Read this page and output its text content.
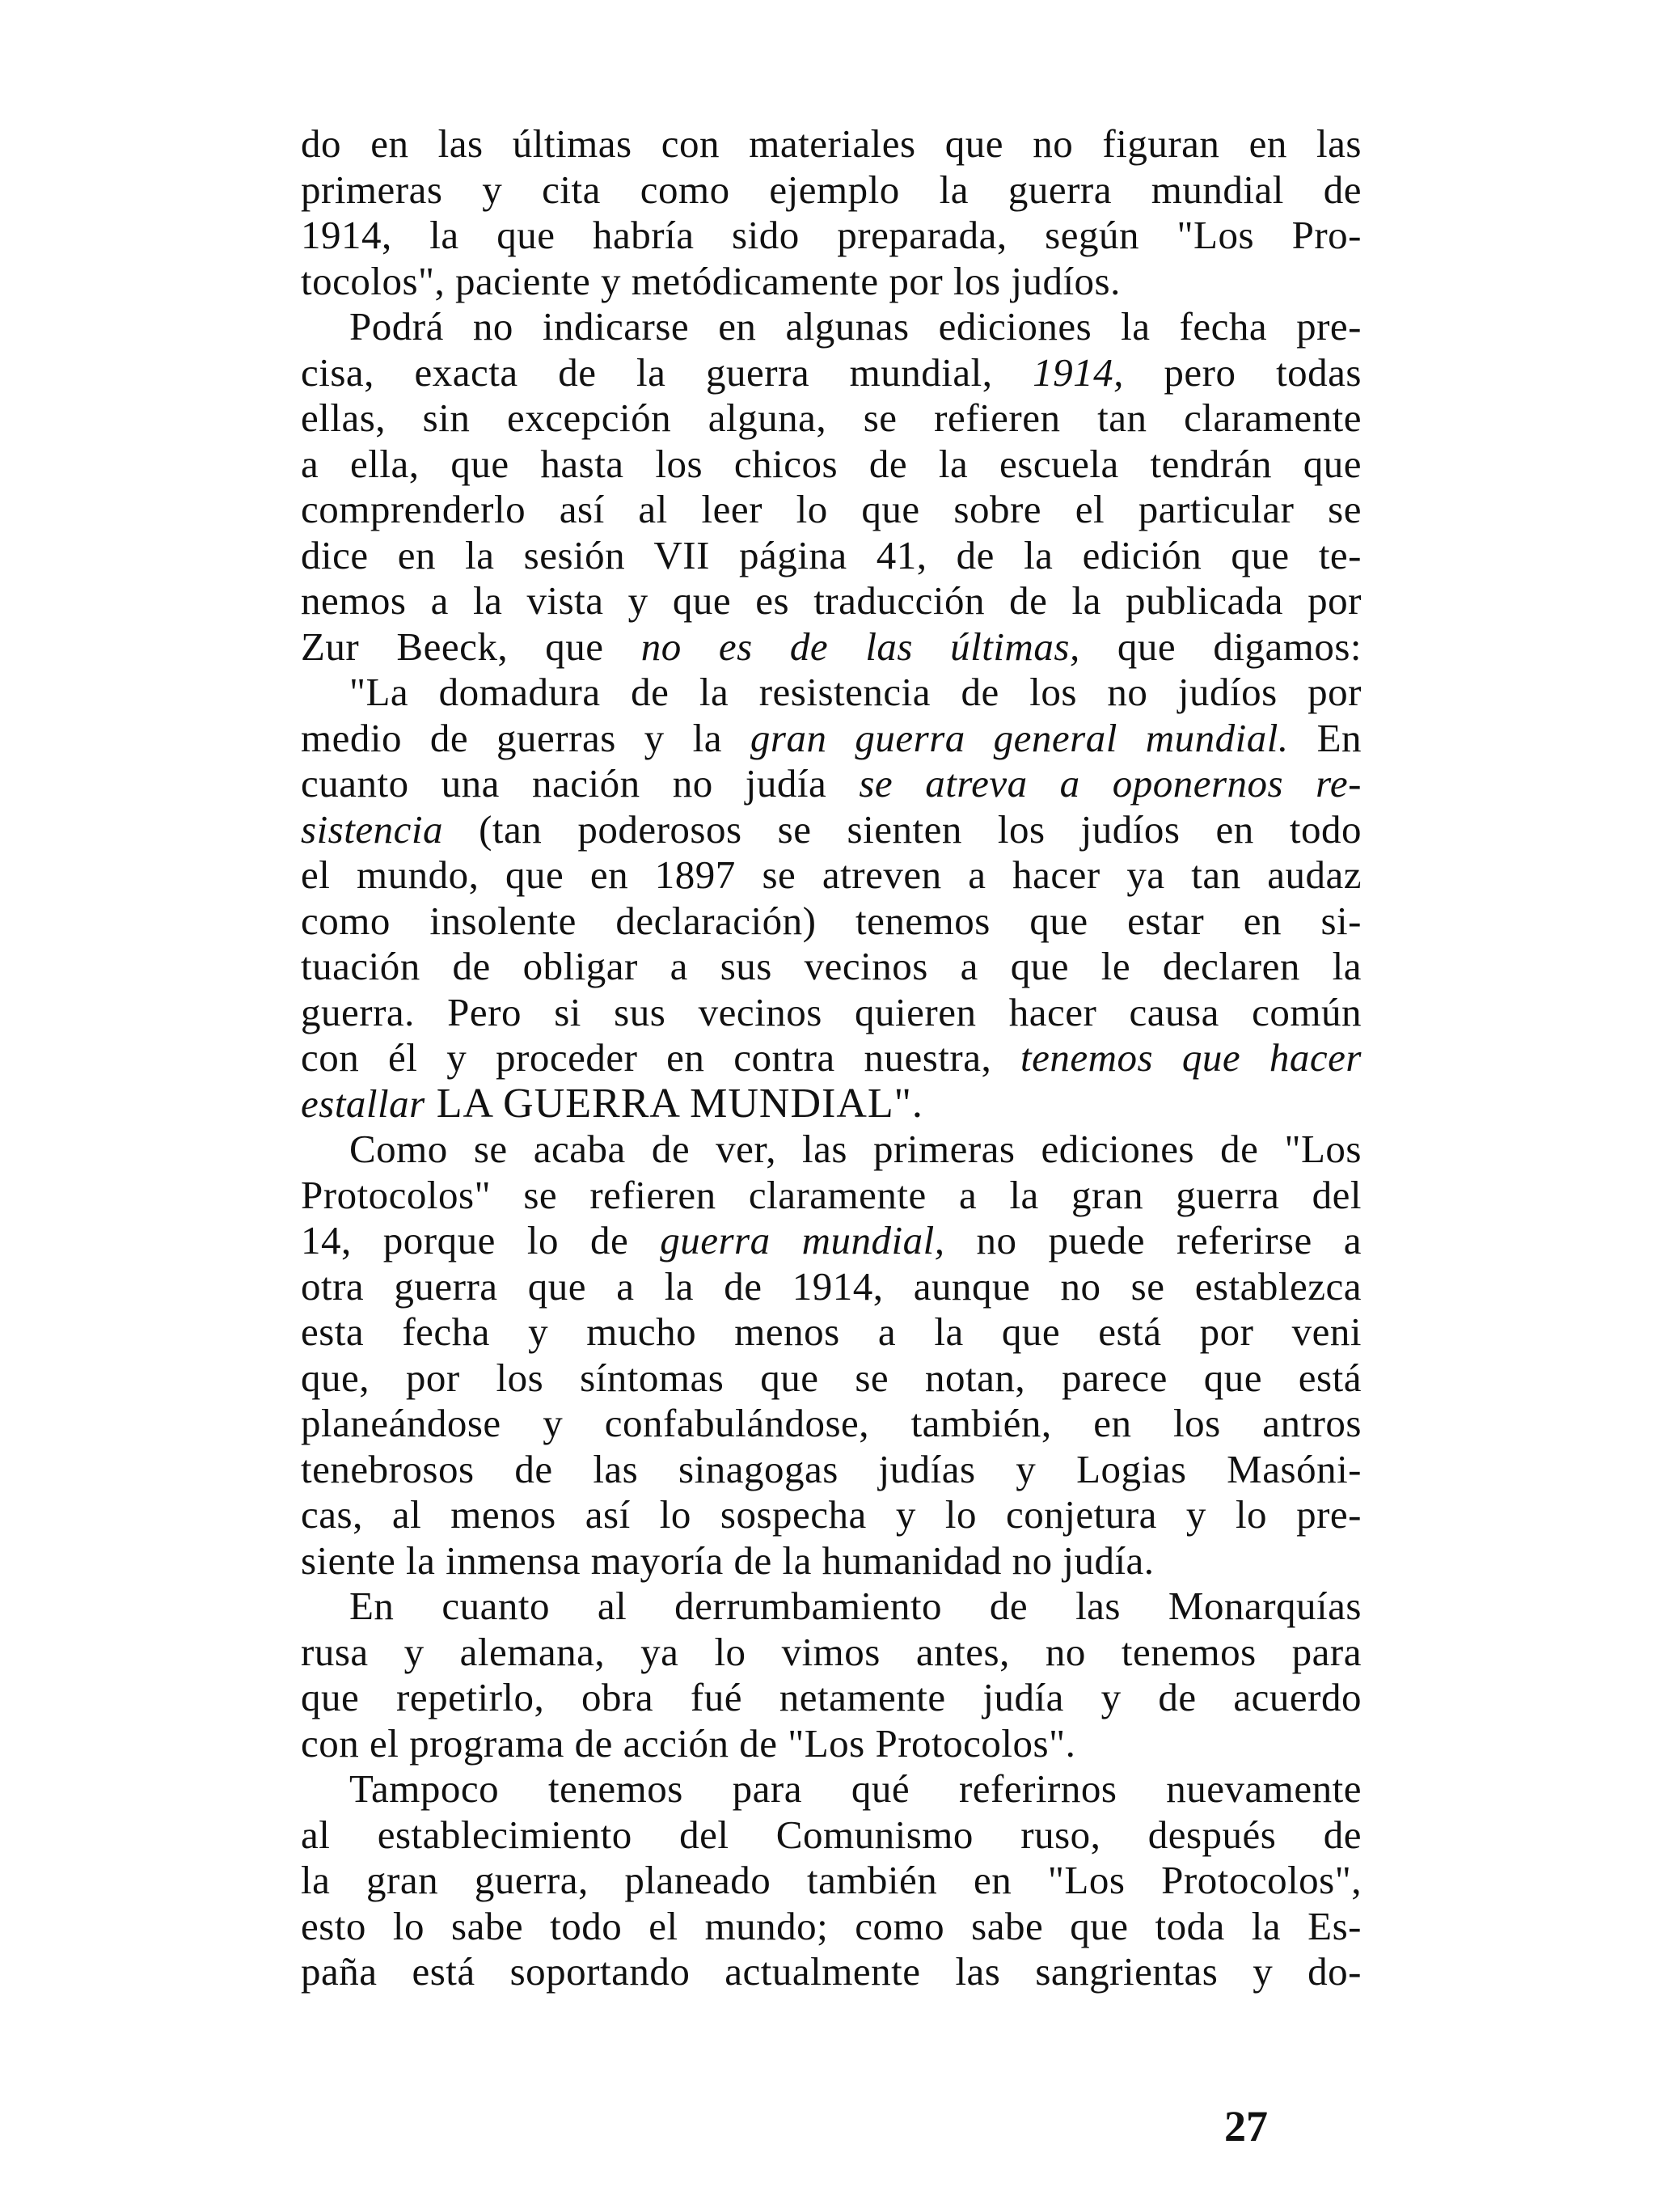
do en las últimas con materiales que no figuran en las
primeras y cita como ejemplo la guerra mundial de
1914, la que habría sido preparada, según "Los Pro-
tocolos", paciente y metódicamente por los judíos.
Podrá no indicarse en algunas ediciones la fecha pre-
cisa, exacta de la guerra mundial, 1914, pero todas
ellas, sin excepción alguna, se refieren tan claramente
a ella, que hasta los chicos de la escuela tendrán que
comprenderlo así al leer lo que sobre el particular se
dice en la sesión VII página 41, de la edición que te-
nemos a la vista y que es traducción de la publicada por
Zur Beeck, que no es de las últimas, que digamos:
"La domadura de la resistencia de los no judíos por
medio de guerras y la gran guerra general mundial. En
cuanto una nación no judía se atreva a oponernos re-
sistencia (tan poderosos se sienten los judíos en todo
el mundo, que en 1897 se atreven a hacer ya tan audaz
como insolente declaración) tenemos que estar en si-
tuación de obligar a sus vecinos a que le declaren la
guerra. Pero si sus vecinos quieren hacer causa común
con él y proceder en contra nuestra, tenemos que hacer
estallar LA GUERRA MUNDIAL".
Como se acaba de ver, las primeras ediciones de "Los
Protocolos" se refieren claramente a la gran guerra del
14, porque lo de guerra mundial, no puede referirse a
otra guerra que a la de 1914, aunque no se establezca
esta fecha y mucho menos a la que está por veni
que, por los síntomas que se notan, parece que está
planeándose y confabulándose, también, en los antros
tenebrosos de las sinagogas judías y Logias Masóni-
cas, al menos así lo sospecha y lo conjetura y lo pre-
siente la inmensa mayoría de la humanidad no judía.
En cuanto al derrumbamiento de las Monarquías
rusa y alemana, ya lo vimos antes, no tenemos para
que repetirlo, obra fué netamente judía y de acuerdo
con el programa de acción de "Los Protocolos".
Tampoco tenemos para qué referirnos nuevamente
al establecimiento del Comunismo ruso, después de
la gran guerra, planeado también en "Los Protocolos",
esto lo sabe todo el mundo; como sabe que toda la Es-
paña está soportando actualmente las sangrientas y do-
27
